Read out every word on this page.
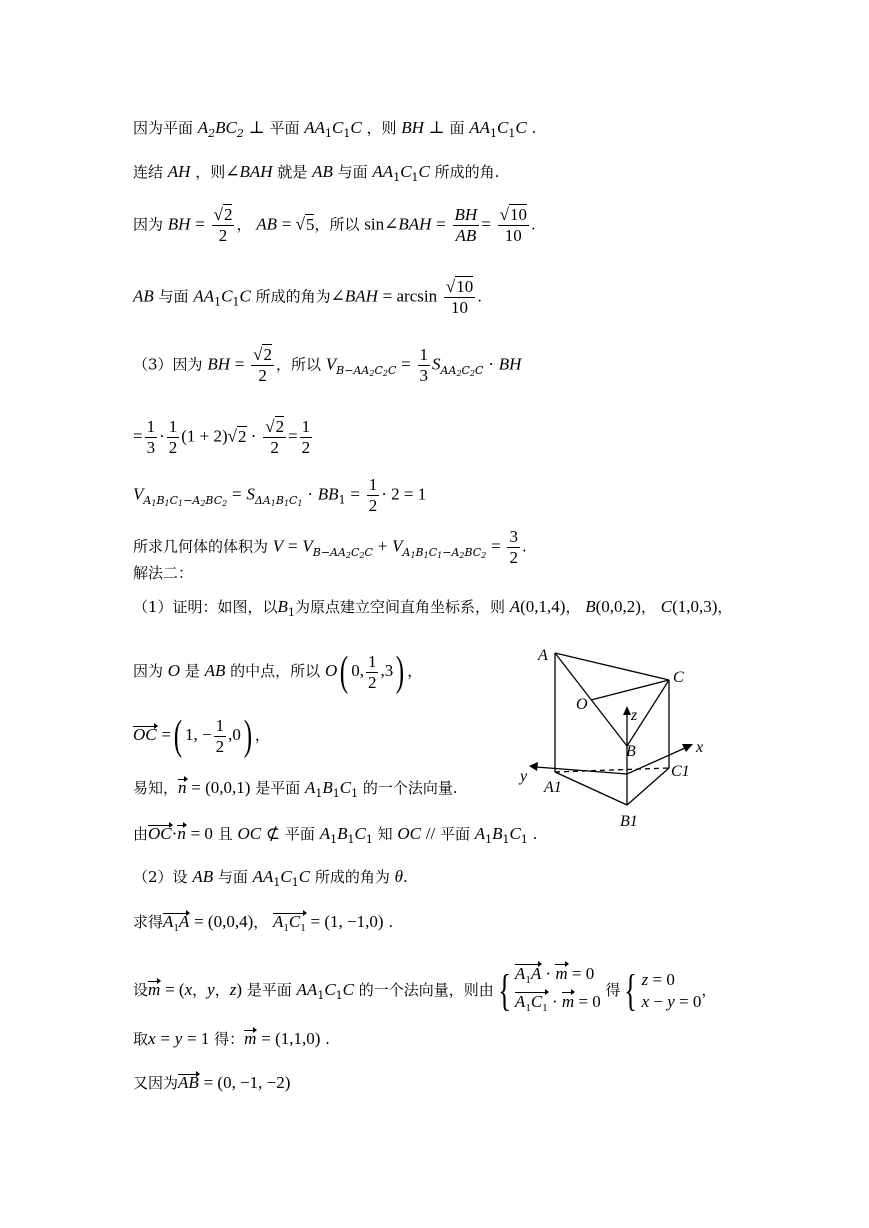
因为平面 $A_2BC_2$ ⊥ 平面 $AA_1C_1C$ ，则 BH ⊥ 面 $AA_1C_1C$ .
连结 AH ，则∠BAH 就是 AB 与面 $AA_1C_1C$ 所成的角.
因为 BH = $\frac{√2}{2}$ ， AB = √5，所以 sin∠BAH = $\frac{BH}{AB} = \frac{√10}{10}$ .
AB 与面 $AA_1C_1C$ 所成的角为∠BAH = $\arcsin \frac{√10}{10}$ .
（3）因为 BH = $\frac{√2}{2}$ ，所以 $V_{B-AA_2C_2C} = \frac{1}{3} S_{AA_2C_2C}$ · BH
= $\frac{1}{3} \cdot \frac{1}{2} (1 + 2)√2 \cdot \frac{√2}{2} = \frac{1}{2}$
$V_{A_1B_1C_1-A_2BC_2} = S_{\Delta A_1B_1C_1} \cdot BB_1 = \frac{1}{2} \cdot 2 = 1$
所求几何体的体积为 $V = V_{B-AA_2C_2C} + V_{A_1B_1C_1-A_2BC_2} = \frac{3}{2}$ .
解法二：
（1）证明：如图，以$B_1$为原点建立空间直角坐标系，则 A(0,1,4)， B(0,0,2)， C(1,0,3)，
因为 O 是 AB 的中点，所以 O( 0, $\frac{1}{2} ,3$) ，
OC =( 1, − $\frac{1}{2} ,0$) ，
易知，n = (0,0,1) 是平面 $A_1B_1C_1$ 的一个法向量.
由OC·n = 0 且 OC ⊄ 平面 $A_1B_1C_1$ 知 OC // 平面 $A_1B_1C_1$ .
（2）设 AB 与面 $AA_1C_1C$ 所成的角为 θ.
求得$A_1A = (0,0,4)$， $A_1C_1 = (1$, −1,0) .
设m = (x，y，z) 是平面 $AA_1C_1C$ 的一个法向量，则由{ $A_1A \cdot m = 0$
$A_1C_1 \cdot m = 0$
得{ z = 0
x − y = 0
，
取x = y = 1 得：m = (1,1,0) .
又因为AB = (0, −1, −2)
A
C
O
z
B	x
y	C1
A1
B1
